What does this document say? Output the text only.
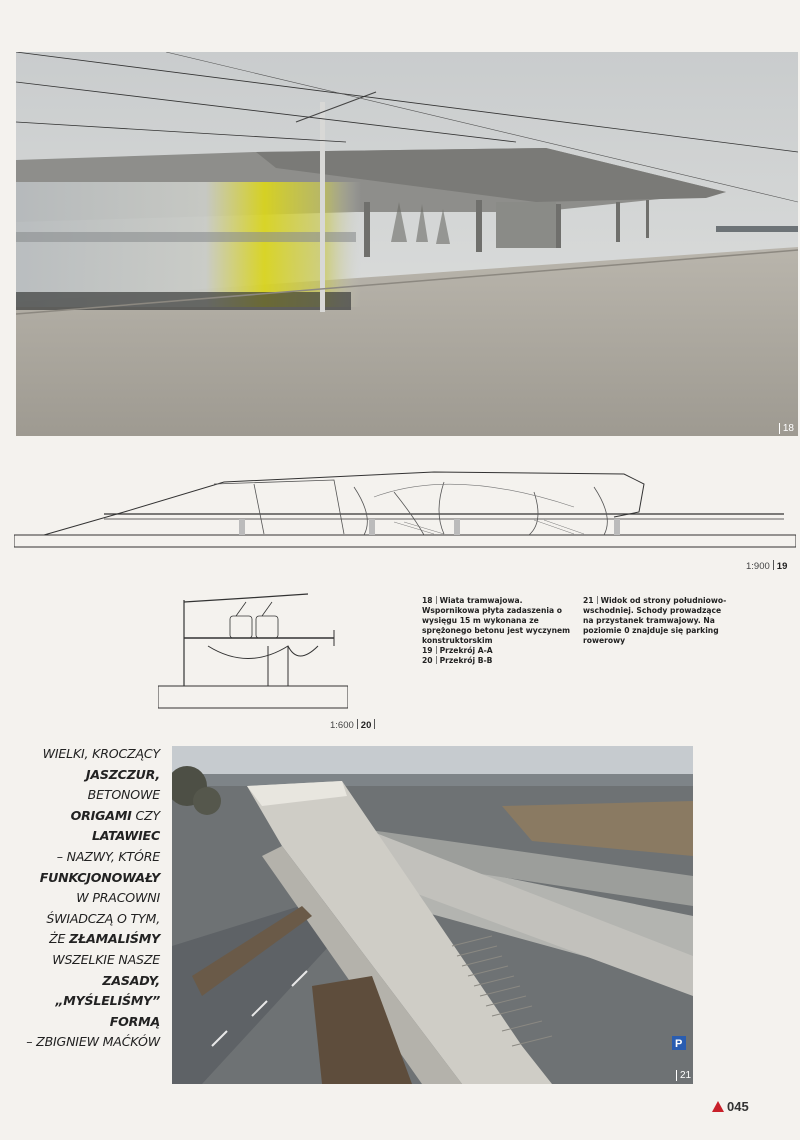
18
1:900 19
1:600 20
18 Wiata tramwajowa. Wspornikowa płyta zadaszenia o wysięgu 15 m wykonana ze sprężonego betonu jest wyczynem konstruktorskim
19 Przekrój A-A
20 Przekrój B-B
21 Widok od strony południowo-wschodniej. Schody prowadzące na przystanek tramwajowy. Na poziomie 0 znajduje się parking rowerowy
WIELKI, KROCZĄCY
JASZCZUR,
BETONOWE
ORIGAMI CZY
LATAWIEC
– NAZWY, KTÓRE
FUNKCJONOWAŁY
W PRACOWNI
ŚWIADCZĄ O TYM,
ŻE ZŁAMALIŚMY
WSZELKIE NASZE ZASADY,
„MYŚLELIŚMY” FORMĄ
– ZBIGNIEW MAĆKÓW	P
21
045
